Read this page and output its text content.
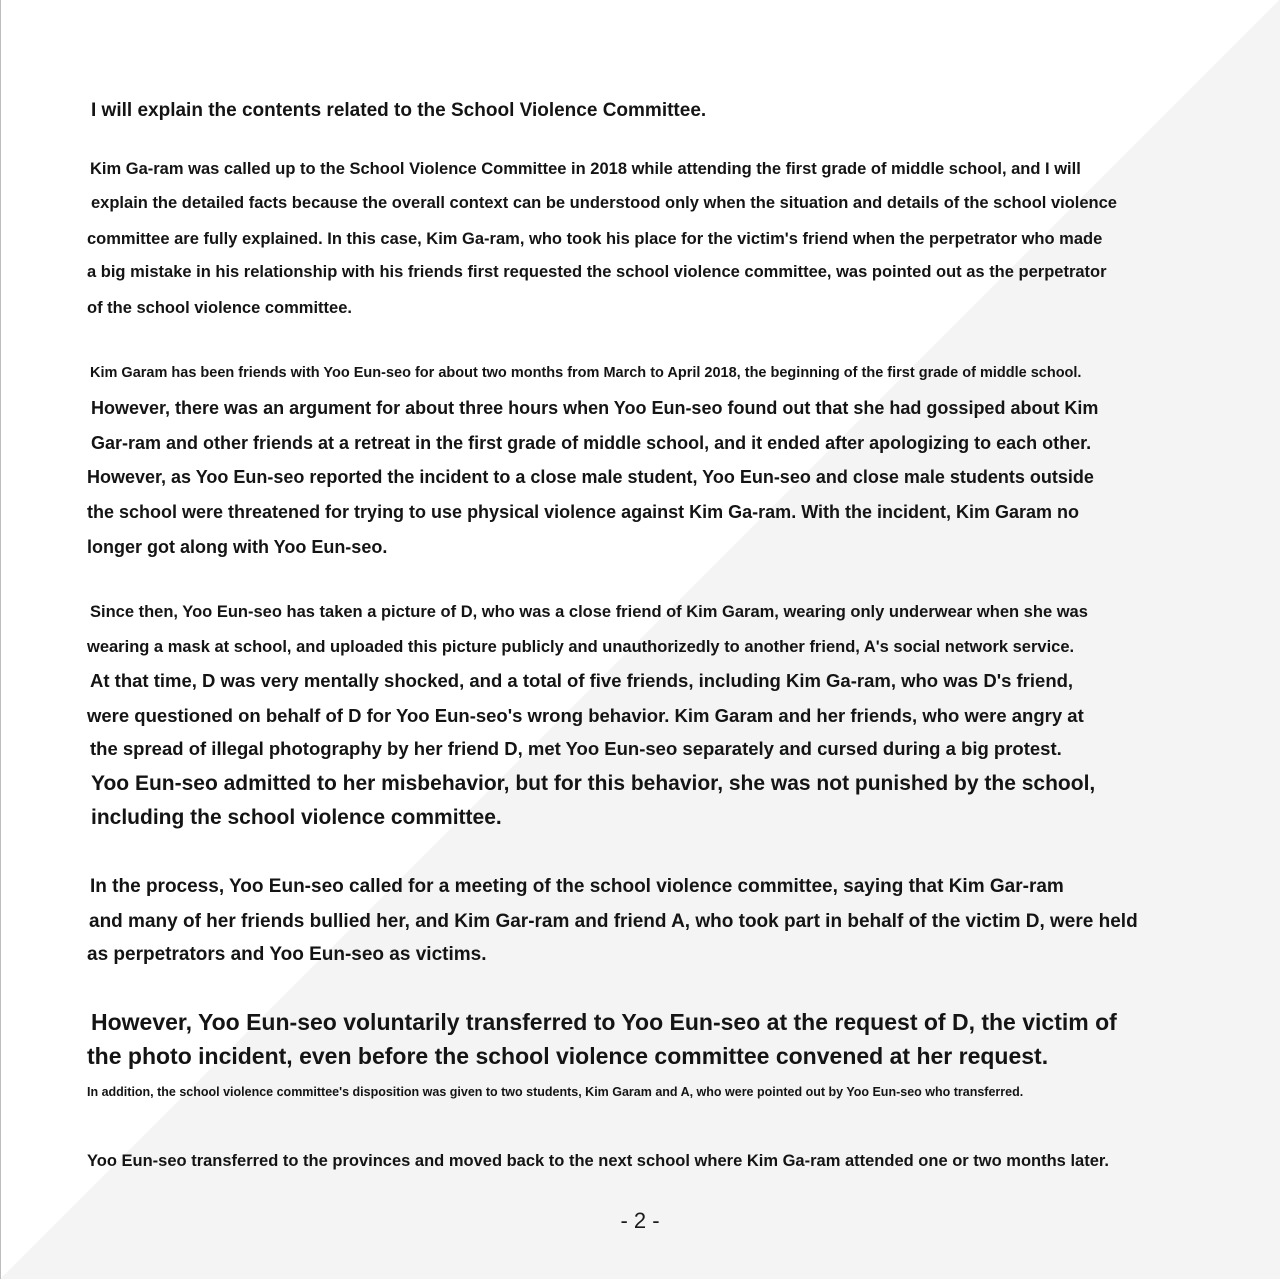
I will explain the contents related to the School Violence Committee.
Kim Ga-ram was called up to the School Violence Committee in 2018 while attending the first grade of middle school, and I will
explain the detailed facts because the overall context can be understood only when the situation and details of the school violence
committee are fully explained. In this case, Kim Ga-ram, who took his place for the victim's friend when the perpetrator who made
a big mistake in his relationship with his friends first requested the school violence committee, was pointed out as the perpetrator
of the school violence committee.
Kim Garam has been friends with Yoo Eun-seo for about two months from March to April 2018, the beginning of the first grade of middle school.
However, there was an argument for about three hours when Yoo Eun-seo found out that she had gossiped about Kim
Gar-ram and other friends at a retreat in the first grade of middle school, and it ended after apologizing to each other.
However, as Yoo Eun-seo reported the incident to a close male student, Yoo Eun-seo and close male students outside
the school were threatened for trying to use physical violence against Kim Ga-ram. With the incident, Kim Garam no
longer got along with Yoo Eun-seo.
Since then, Yoo Eun-seo has taken a picture of D, who was a close friend of Kim Garam, wearing only underwear when she was
wearing a mask at school, and uploaded this picture publicly and unauthorizedly to another friend, A's social network service.
At that time, D was very mentally shocked, and a total of five friends, including Kim Ga-ram, who was D's friend,
were questioned on behalf of D for Yoo Eun-seo's wrong behavior. Kim Garam and her friends, who were angry at
the spread of illegal photography by her friend D, met Yoo Eun-seo separately and cursed during a big protest.
Yoo Eun-seo admitted to her misbehavior, but for this behavior, she was not punished by the school,
including the school violence committee.
In the process, Yoo Eun-seo called for a meeting of the school violence committee, saying that Kim Gar-ram
and many of her friends bullied her, and Kim Gar-ram and friend A, who took part in behalf of the victim D, were held
as perpetrators and Yoo Eun-seo as victims.
However, Yoo Eun-seo voluntarily transferred to Yoo Eun-seo at the request of D, the victim of
the photo incident, even before the school violence committee convened at her request.
In addition, the school violence committee's disposition was given to two students, Kim Garam and A, who were pointed out by Yoo Eun-seo who transferred.
Yoo Eun-seo transferred to the provinces and moved back to the next school where Kim Ga-ram attended one or two months later.
- 2 -
